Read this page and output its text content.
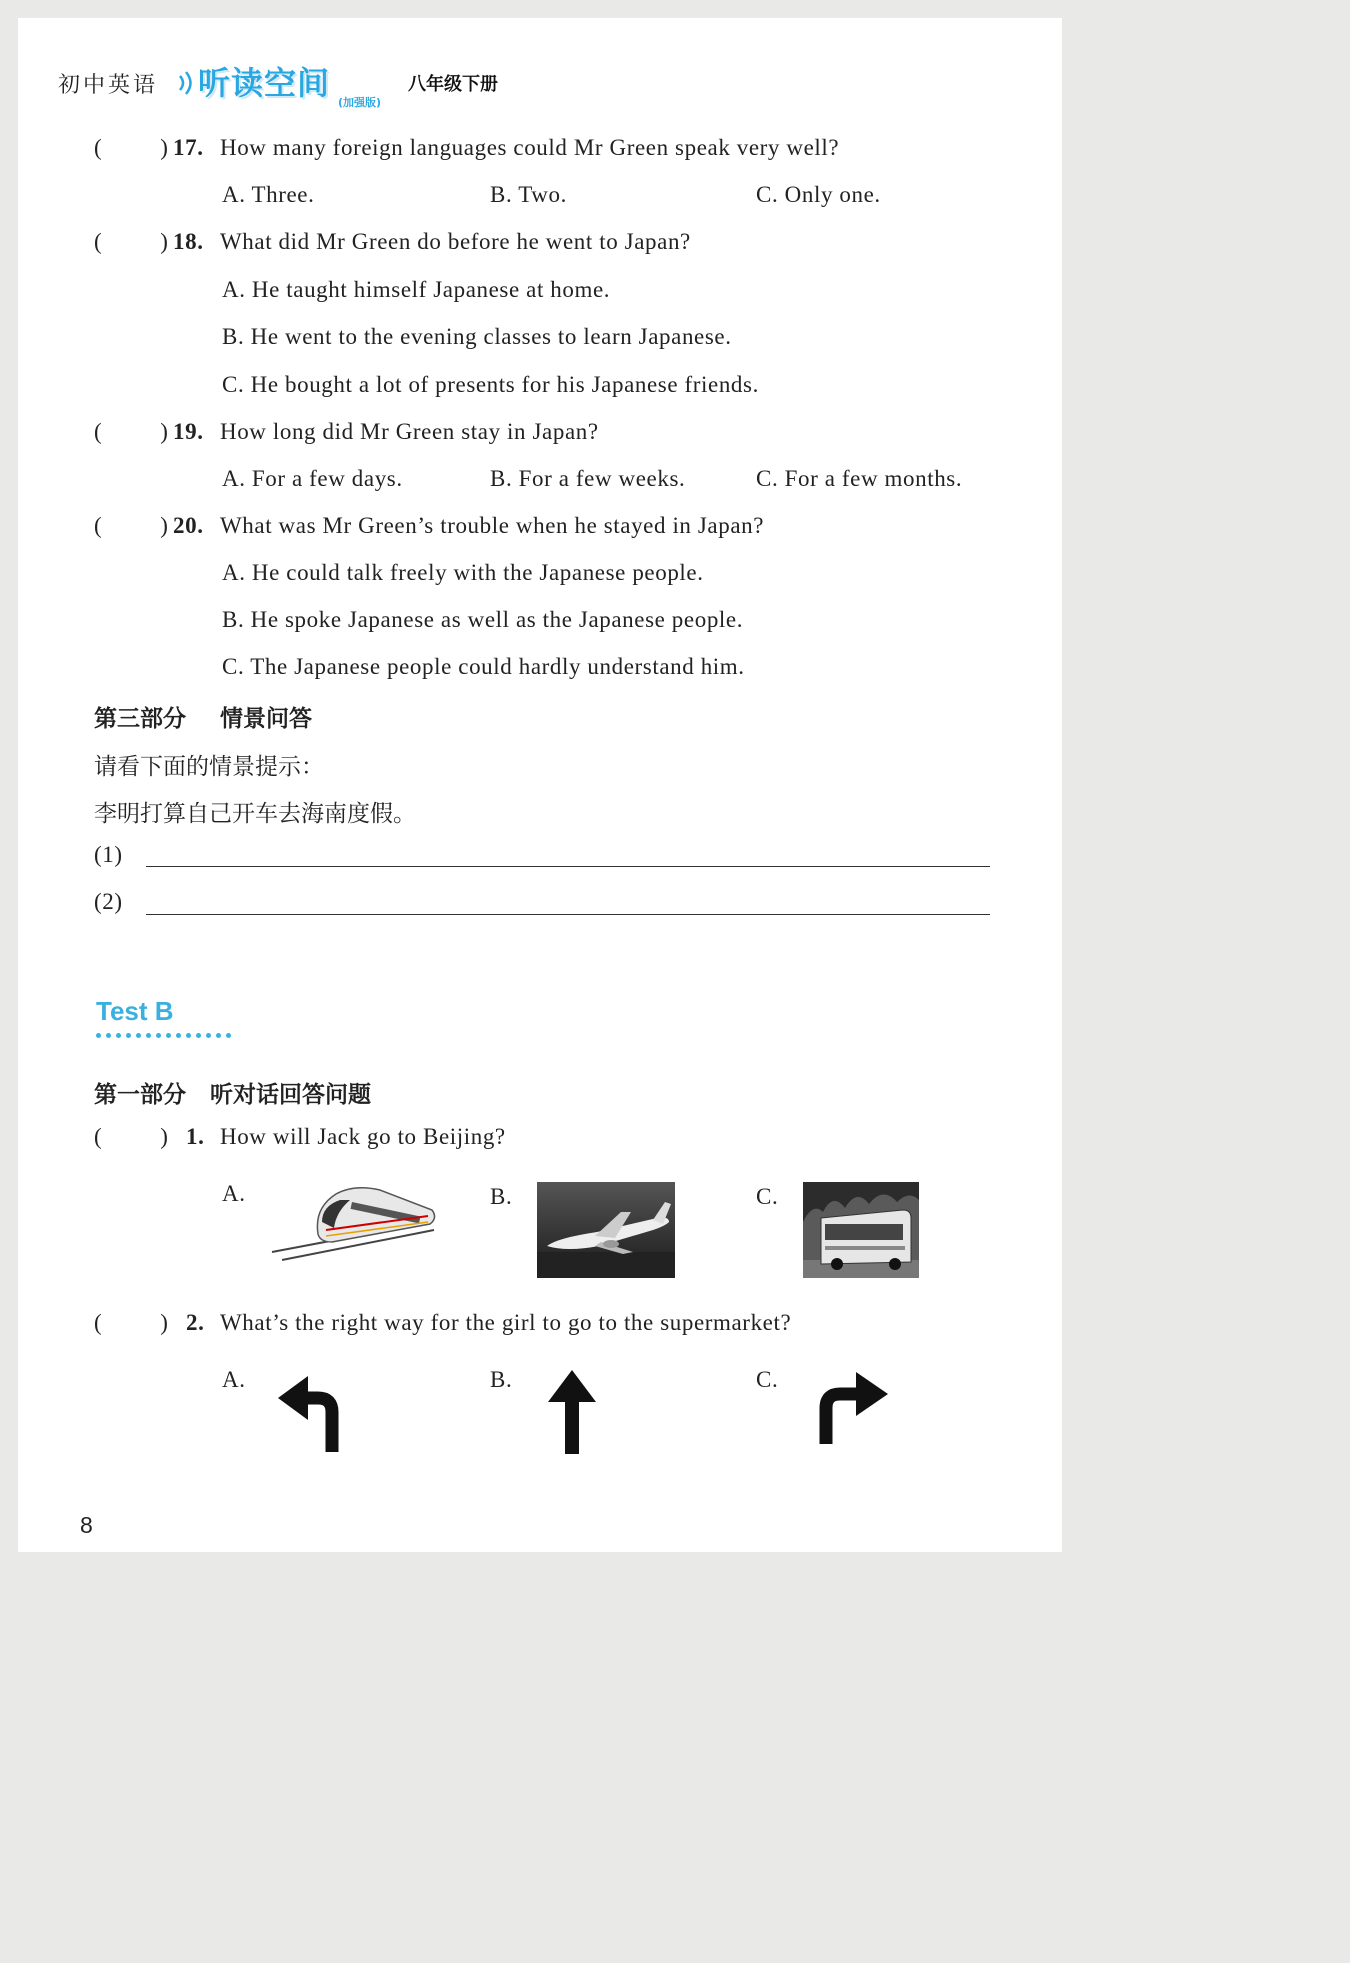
初中英语 听读空间
(加强版)
八年级下册
(	) 17. How many foreign languages could Mr Green speak very well?
A. Three.	B. Two.	C. Only one.
(	) 18. What did Mr Green do before he went to Japan?
A. He taught himself Japanese at home.
B. He went to the evening classes to learn Japanese.
C. He bought a lot of presents for his Japanese friends.
(	) 19. How long did Mr Green stay in Japan?
A. For a few days.	B. For a few weeks.	C. For a few months.
(	) 20. What was Mr Green’s trouble when he stayed in Japan?
A. He could talk freely with the Japanese people.
B. He spoke Japanese as well as the Japanese people.
C. The Japanese people could hardly understand him.
第三部分 情景问答
请看下面的情景提示：
李明打算自己开车去海南度假。
(1)
(2)
Test B
第一部分 听对话回答问题
(	) 1. How will Jack go to Beijing?
A.	B.	C.
(	) 2. What’s the right way for the girl to go to the supermarket?
A.	B.	C.
8
